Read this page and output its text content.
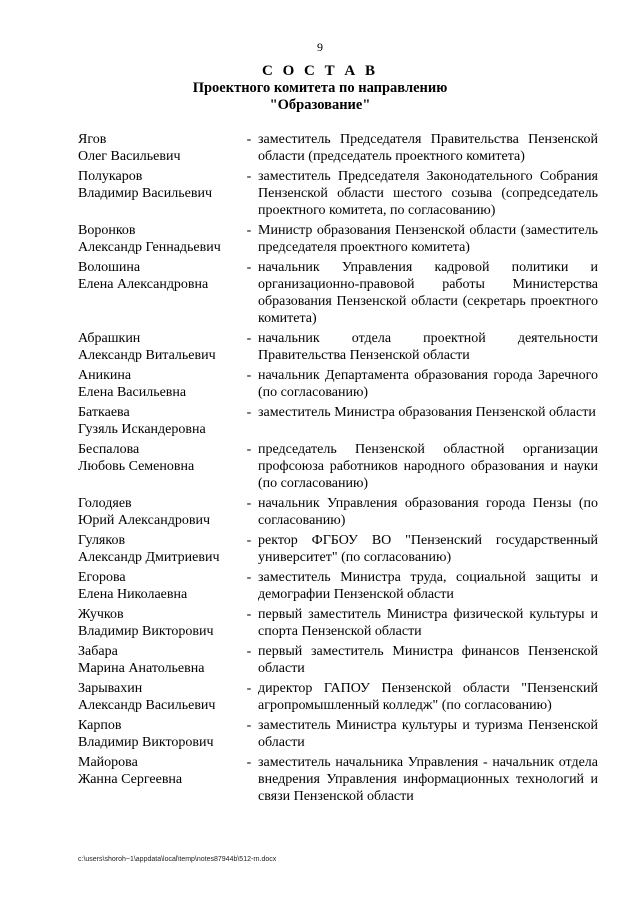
9
С О С Т А В
Проектного комитета по направлению
"Образование"
Ягов
Олег Васильевич
- заместитель Председателя Правительства Пензенской области (председатель проектного комитета)
Полукаров
Владимир Васильевич
- заместитель Председателя Законодательного Собрания Пензенской области шестого созыва (сопредседатель проектного комитета, по согласованию)
Воронков
Александр Геннадьевич
- Министр образования Пензенской области (заместитель председателя проектного комитета)
Волошина
Елена Александровна
- начальник Управления кадровой политики и организационно-правовой работы Министерства образования Пензенской области (секретарь проектного комитета)
Абрашкин
Александр Витальевич
- начальник отдела проектной деятельности Правительства Пензенской области
Аникина
Елена Васильевна
- начальник Департамента образования города Заречного (по согласованию)
Баткаева
Гузяль Искандеровна
- заместитель Министра образования Пензенской области
Беспалова
Любовь Семеновна
- председатель Пензенской областной организации профсоюза работников народного образования и науки (по согласованию)
Голодяев
Юрий Александрович
- начальник Управления образования города Пензы (по согласованию)
Гуляков
Александр Дмитриевич
- ректор ФГБОУ ВО "Пензенский государственный университет" (по согласованию)
Егорова
Елена Николаевна
- заместитель Министра труда, социальной защиты и демографии Пензенской области
Жучков
Владимир Викторович
- первый заместитель Министра физической культуры и спорта Пензенской области
Забара
Марина Анатольевна
- первый заместитель Министра финансов Пензенской области
Зарывахин
Александр Васильевич
- директор ГАПОУ Пензенской области "Пензенский агропромышленный колледж" (по согласованию)
Карпов
Владимир Викторович
- заместитель Министра культуры и туризма Пензенской области
Майорова
Жанна Сергеевна
- заместитель начальника Управления - начальник отдела внедрения Управления информационных технологий и связи Пензенской области
c:\users\shoroh~1\appdata\local\temp\notes87944b\512-rn.docx
